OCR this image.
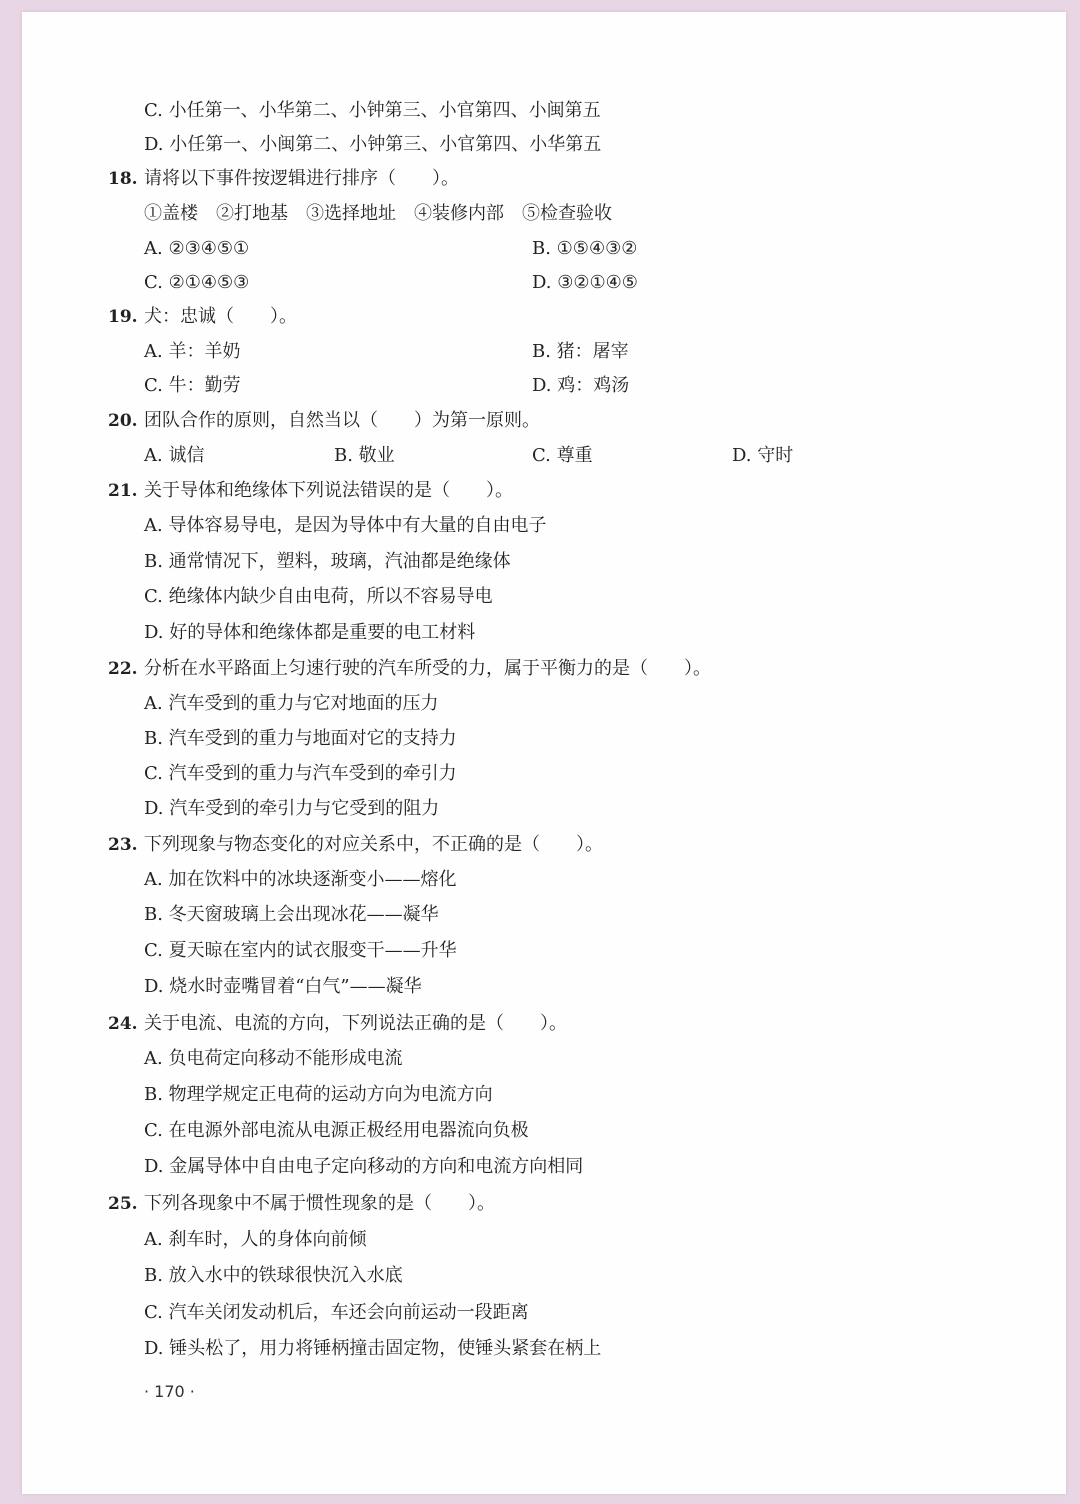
C. 小任第一、小华第二、小钟第三、小官第四、小闽第五
D. 小任第一、小闽第二、小钟第三、小官第四、小华第五
18. 请将以下事件按逻辑进行排序（　　）。
①盖楼　②打地基　③选择地址　④装修内部　⑤检查验收
A. ②③④⑤①	B. ①⑤④③②
C. ②①④⑤③	D. ③②①④⑤
19. 犬：忠诚（　　）。
A. 羊：羊奶	B. 猪：屠宰
C. 牛：勤劳	D. 鸡：鸡汤
20. 团队合作的原则，自然当以（　　）为第一原则。
A. 诚信	B. 敬业	C. 尊重	D. 守时
21. 关于导体和绝缘体下列说法错误的是（　　）。
A. 导体容易导电，是因为导体中有大量的自由电子
B. 通常情况下，塑料，玻璃，汽油都是绝缘体
C. 绝缘体内缺少自由电荷，所以不容易导电
D. 好的导体和绝缘体都是重要的电工材料
22. 分析在水平路面上匀速行驶的汽车所受的力，属于平衡力的是（　　）。
A. 汽车受到的重力与它对地面的压力
B. 汽车受到的重力与地面对它的支持力
C. 汽车受到的重力与汽车受到的牵引力
D. 汽车受到的牵引力与它受到的阻力
23. 下列现象与物态变化的对应关系中，不正确的是（　　）。
A. 加在饮料中的冰块逐渐变小——熔化
B. 冬天窗玻璃上会出现冰花——凝华
C. 夏天晾在室内的试衣服变干——升华
D. 烧水时壶嘴冒着“白气”——凝华
24. 关于电流、电流的方向，下列说法正确的是（　　）。
A. 负电荷定向移动不能形成电流
B. 物理学规定正电荷的运动方向为电流方向
C. 在电源外部电流从电源正极经用电器流向负极
D. 金属导体中自由电子定向移动的方向和电流方向相同
25. 下列各现象中不属于惯性现象的是（　　）。
A. 刹车时，人的身体向前倾
B. 放入水中的铁球很快沉入水底
C. 汽车关闭发动机后，车还会向前运动一段距离
D. 锤头松了，用力将锤柄撞击固定物，使锤头紧套在柄上
· 170 ·
